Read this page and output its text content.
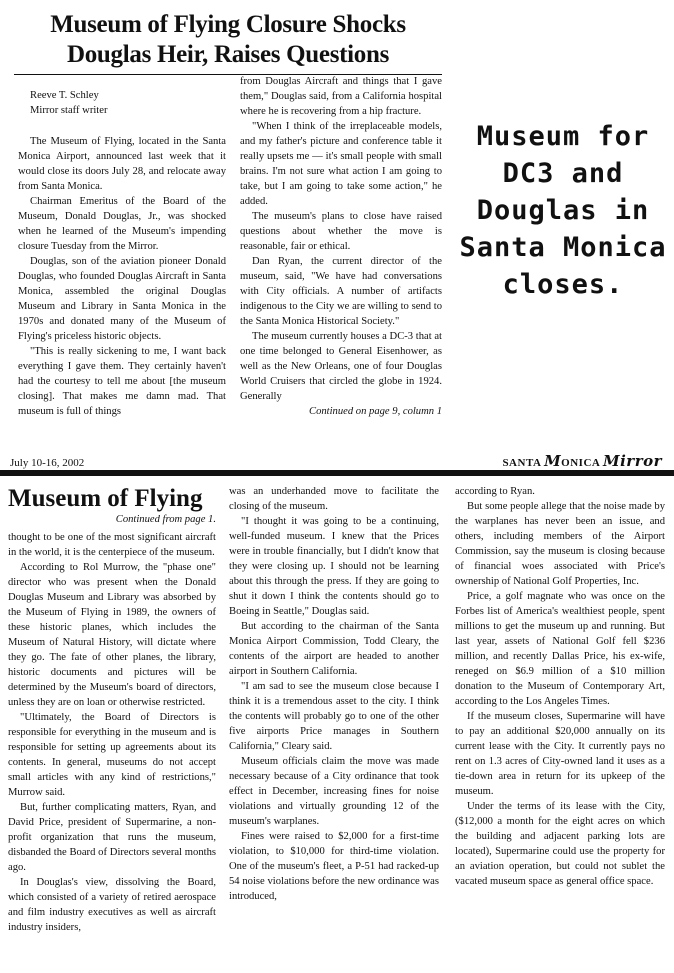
Museum of Flying Closure Shocks Douglas Heir, Raises Questions
Reeve T. Schley
Mirror staff writer

The Museum of Flying, located in the Santa Monica Airport, announced last week that it would close its doors July 28, and relocate away from Santa Monica.

Chairman Emeritus of the Board of the Museum, Donald Douglas, Jr., was shocked when he learned of the Museum's impending closure Tuesday from the Mirror.

Douglas, son of the aviation pioneer Donald Douglas, who founded Douglas Aircraft in Santa Monica, assembled the original Douglas Museum and Library in Santa Monica in the 1970s and donated many of the Museum of Flying's priceless historic objects.

"This is really sickening to me, I want back everything I gave them. They certainly haven't had the courtesy to tell me about [the museum closing]. That makes me damn mad. That museum is full of things

from Douglas Aircraft and things that I gave them," Douglas said, from a California hospital where he is recovering from a hip fracture.

"When I think of the irreplaceable models, and my father's picture and conference table it really upsets me — it's small people with small brains. I'm not sure what action I am going to take, but I am going to take some action," he added.

The museum's plans to close have raised questions about whether the move is reasonable, fair or ethical.

Dan Ryan, the current director of the museum, said, "We have had conversations with City officials. A number of artifacts indigenous to the City we are willing to send to the Santa Monica Historical Society."

The museum currently houses a DC-3 that at one time belonged to General Eisenhower, as well as the New Orleans, one of four Douglas World Cruisers that circled the globe in 1924. Generally

Continued on page 9, column 1
Museum for DC3 and Douglas in Santa Monica closes.
July 10-16, 2002	SANTA MONICA Mirror
Museum of Flying
Continued from page 1.

thought to be one of the most significant aircraft in the world, it is the centerpiece of the museum.

According to Rol Murrow, the "phase one" director who was present when the Donald Douglas Museum and Library was absorbed by the Museum of Flying in 1989, the owners of these historic planes, which includes the Museum of Natural History, will dictate where they go. The fate of other planes, the library, historic documents and pictures will be determined by the Museum's board of directors, unless they are on loan or otherwise restricted.

"Ultimately, the Board of Directors is responsible for everything in the museum and is responsible for setting up agreements about its contents. In general, museums do not accept small articles with any kind of restrictions," Murrow said.

But, further complicating matters, Ryan, and David Price, president of Supermarine, a non-profit organization that runs the museum, disbanded the Board of Directors several months ago.

In Douglas's view, dissolving the Board, which consisted of a variety of retired aerospace and film industry executives as well as aircraft industry insiders,

was an underhanded move to facilitate the closing of the museum.

"I thought it was going to be a continuing, well-funded museum. I knew that the Prices were in trouble financially, but I didn't know that they were closing up. I should not be learning about this through the press. If they are going to shut it down I think the contents should go to Boeing in Seattle," Douglas said.

But according to the chairman of the Santa Monica Airport Commission, Todd Cleary, the contents of the airport are headed to another airport in Southern California.

"I am sad to see the museum close because I think it is a tremendous asset to the city. I think the contents will probably go to one of the other five airports Price manages in Southern California," Cleary said.

Museum officials claim the move was made necessary because of a City ordinance that took effect in December, increasing fines for noise violations and virtually grounding 12 of the museum's warplanes.

Fines were raised to $2,000 for a first-time violation, to $10,000 for third-time violation. One of the museum's fleet, a P-51 had racked-up 54 noise violations before the new ordinance was introduced,

according to Ryan.

But some people allege that the noise made by the warplanes has never been an issue, and others, including members of the Airport Commission, say the museum is closing because of financial woes associated with Price's ownership of National Golf Properties, Inc.

Price, a golf magnate who was once on the Forbes list of America's wealthiest people, spent millions to get the museum up and running. But last year, assets of National Golf fell $236 million, and recently Dallas Price, his ex-wife, reneged on $6.9 million of a $10 million donation to the Museum of Contemporary Art, according to the Los Angeles Times.

If the museum closes, Supermarine will have to pay an additional $20,000 annually on its current lease with the City. It currently pays no rent on 1.3 acres of City-owned land it uses as a tie-down area in return for its upkeep of the museum.

Under the terms of its lease with the City, ($12,000 a month for the eight acres on which the building and adjacent parking lots are located), Supermarine could use the property for an aviation operation, but could not sublet the vacated museum space as general office space.
